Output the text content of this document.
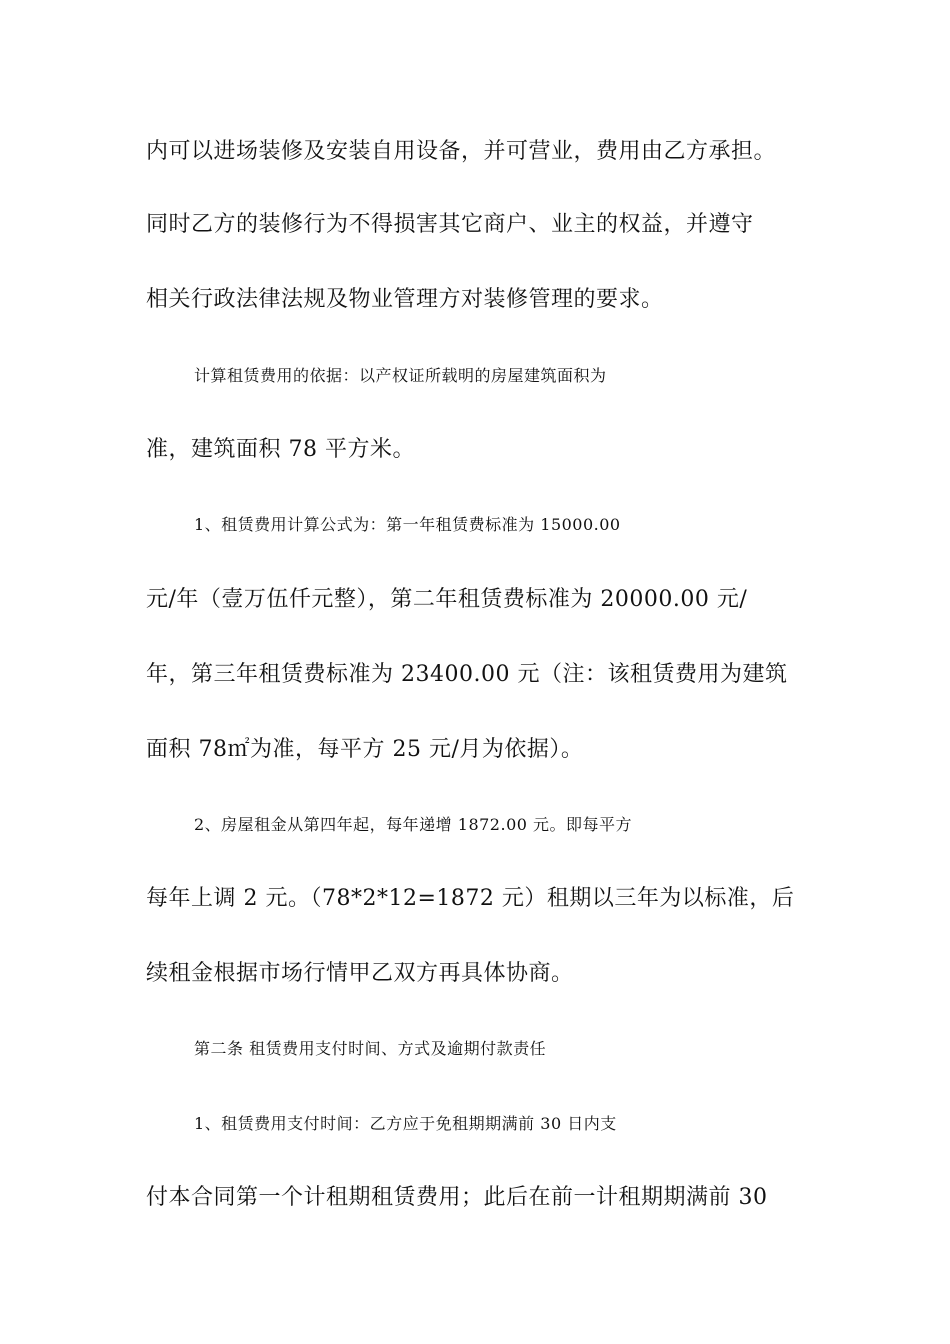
内可以进场装修及安装自用设备，并可营业，费用由乙方承担。
同时乙方的装修行为不得损害其它商户、业主的权益，并遵守
相关行政法律法规及物业管理方对装修管理的要求。
计算租赁费用的依据：以产权证所载明的房屋建筑面积为
准，建筑面积 78 平方米。
1、租赁费用计算公式为：第一年租赁费标准为 15000.00
元/年（壹万伍仟元整），第二年租赁费标准为 20000.00 元/
年，第三年租赁费标准为 23400.00 元（注：该租赁费用为建筑
面积 78㎡为准，每平方 25 元/月为依据）。
2、房屋租金从第四年起，每年递增 1872.00 元。即每平方
每年上调 2 元。（78*2*12=1872 元）租期以三年为以标准，后
续租金根据市场行情甲乙双方再具体协商。
第二条 租赁费用支付时间、方式及逾期付款责任
1、租赁费用支付时间：乙方应于免租期期满前 30 日内支
付本合同第一个计租期租赁费用；此后在前一计租期期满前 30
